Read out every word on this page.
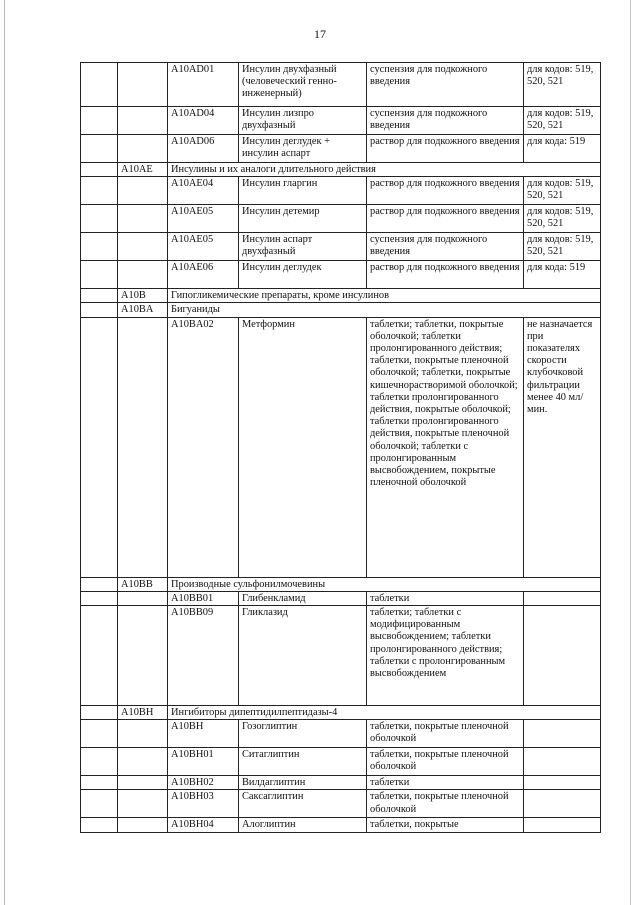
17
		A10AD01	Инсулин двухфазный (человеческий генно-инженерный)	суспензия для подкожного введения	для кодов: 519, 520, 521
		A10AD04	Инсулин лизпро двухфазный	суспензия для подкожного введения	для кодов: 519, 520, 521
		A10AD06	Инсулин деглудек + инсулин аспарт	раствор для подкожного введения	для кода: 519
	A10AE	Инсулины и их аналоги длительного действия			
		A10AE04	Инсулин гларгин	раствор для подкожного введения	для кодов: 519, 520, 521
		A10AE05	Инсулин детемир	раствор для подкожного введения	для кодов: 519, 520, 521
		A10AE05	Инсулин аспарт двухфазный	суспензия для подкожного введения	для кодов: 519, 520, 521
		A10AE06	Инсулин деглудек	раствор для подкожного введения	для кода: 519
	A10B	Гипогликемические препараты, кроме инсулинов			
	A10BA	Бигуаниды			
		A10BA02	Метформин	таблетки; таблетки, покрытые оболочкой; таблетки пролонгированного действия; таблетки, покрытые пленочной оболочкой; таблетки, покрытые кишечнорастворимой оболочкой; таблетки пролонгированного действия, покрытые оболочкой; таблетки пролонгированного действия, покрытые пленочной оболочкой; таблетки с пролонгированным высвобождением, покрытые пленочной оболочкой	не назначается при показателях скорости клубочковой фильтрации менее 40 мл/мин.
	A10BB	Производные сульфонилмочевины			
		A10BB01	Глибенкламид	таблетки	
		A10BB09	Гликлазид	таблетки; таблетки с модифицированным высвобождением; таблетки пролонгированного действия; таблетки с пролонгированным высвобождением	
	A10BH	Ингибиторы дипептидилпептидазы-4			
		A10BH	Гозоглиптин	таблетки, покрытые пленочной оболочкой	
		A10BH01	Ситаглиптин	таблетки, покрытые пленочной оболочкой	
		A10BH02	Вилдаглиптин	таблетки	
		A10BH03	Саксаглиптин	таблетки, покрытые пленочной оболочкой	
		A10BH04	Алоглиптин	таблетки, покрытые	
